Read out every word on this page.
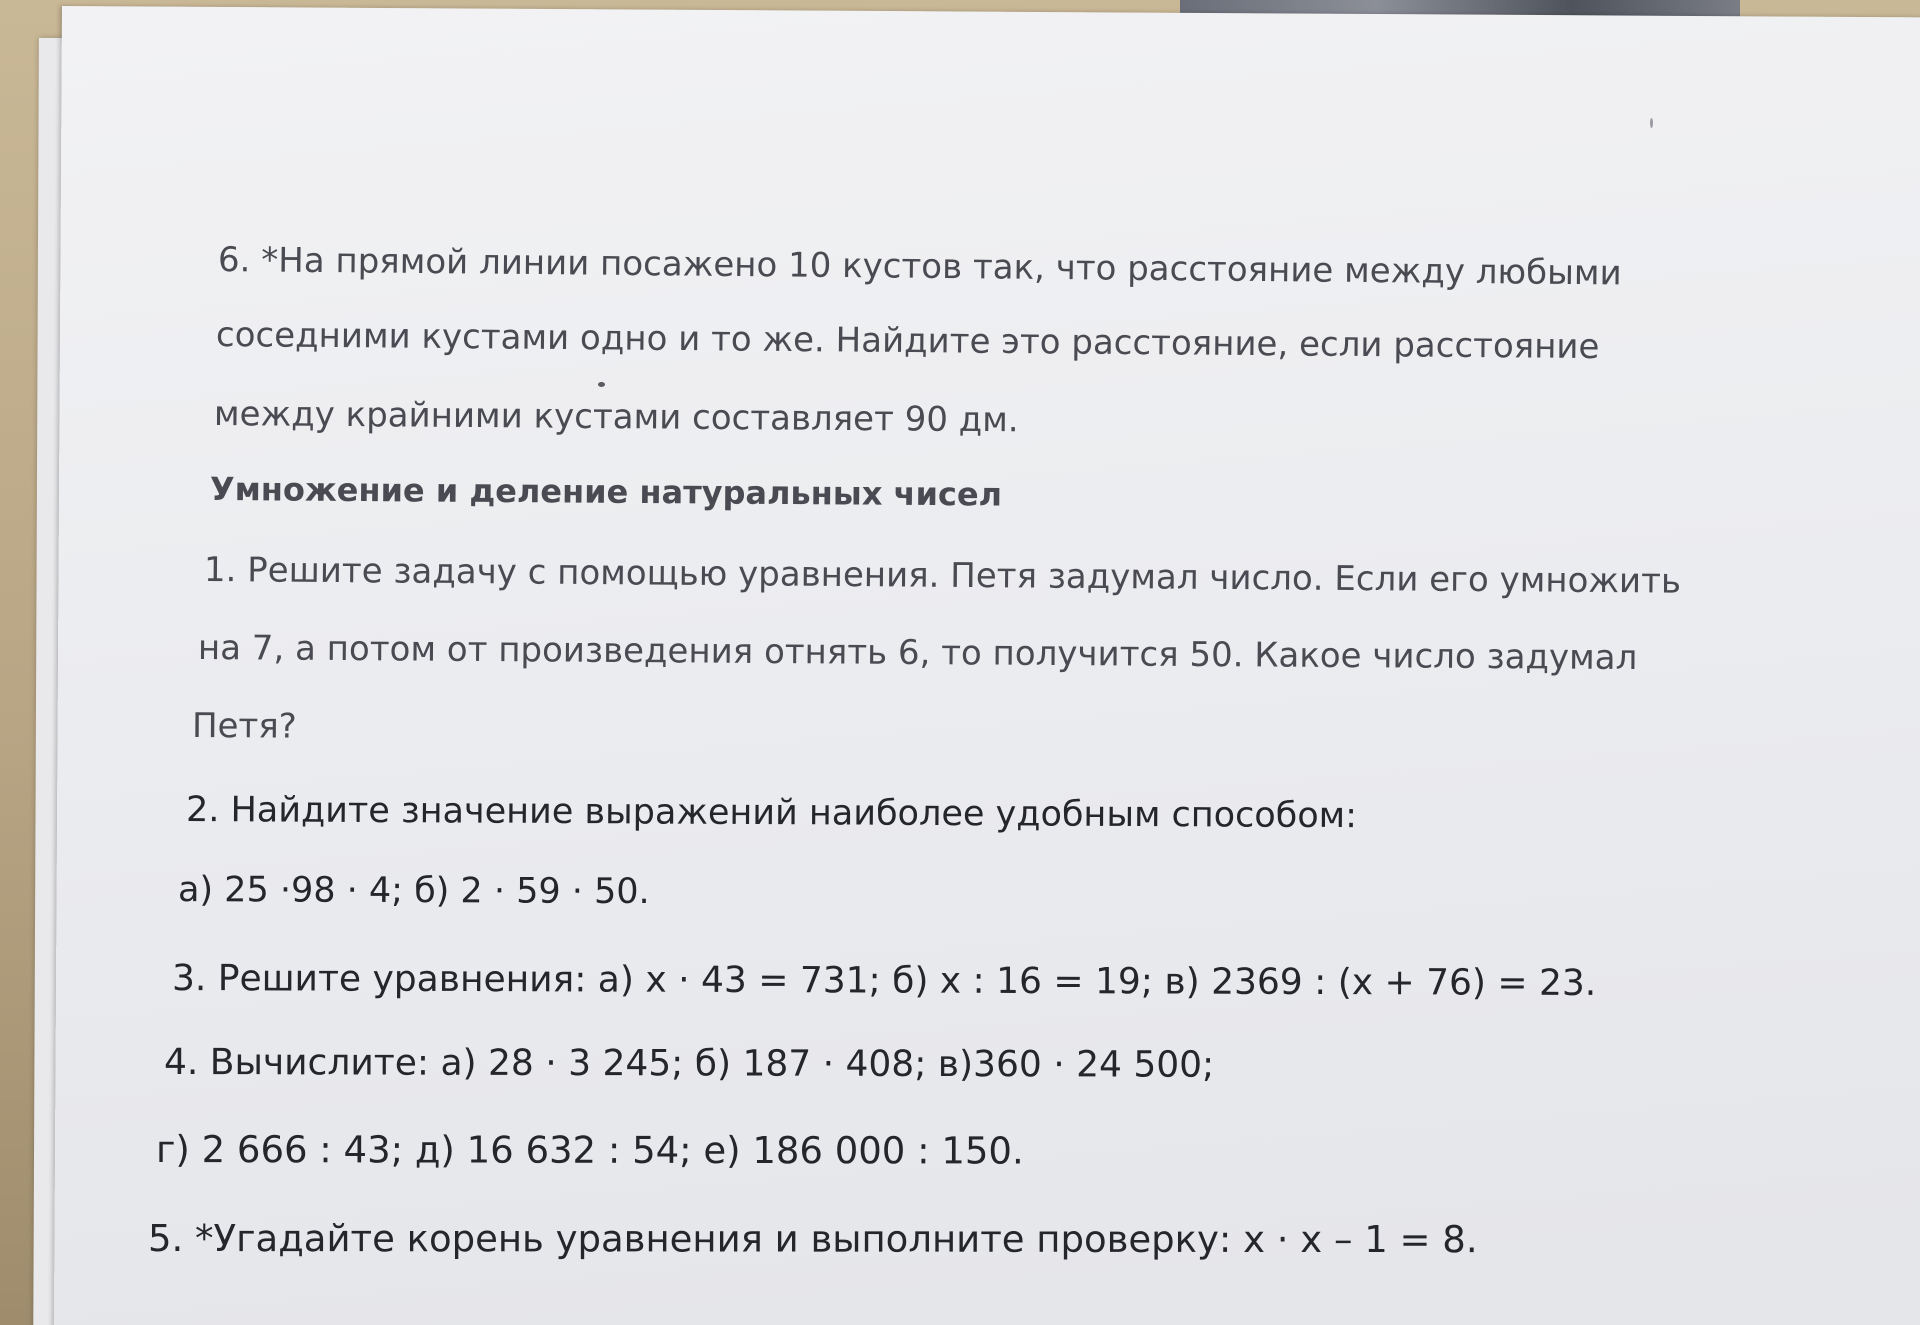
6. *На прямой линии посажено 10 кустов так, что расстояние между любыми
соседними кустами одно и то же. Найдите это расстояние, если расстояние
между крайними кустами составляет 90 дм.
Умножение и деление натуральных чисел
1. Решите задачу с помощью уравнения. Петя задумал число. Если его умножить
на 7, а потом от произведения отнять 6, то получится 50. Какое число задумал
Петя?
2. Найдите значение выражений наиболее удобным способом:
а) 25 ·98 · 4; б) 2 · 59 · 50.
3. Решите уравнения: а) х · 43 = 731; б) х : 16 = 19; в) 2369 : (х + 76) = 23.
4. Вычислите: а) 28 · 3 245; б) 187 · 408; в)360 · 24 500;
г) 2 666 : 43; д) 16 632 : 54; е) 186 000 : 150.
5. *Угадайте корень уравнения и выполните проверку: х · х – 1 = 8.
